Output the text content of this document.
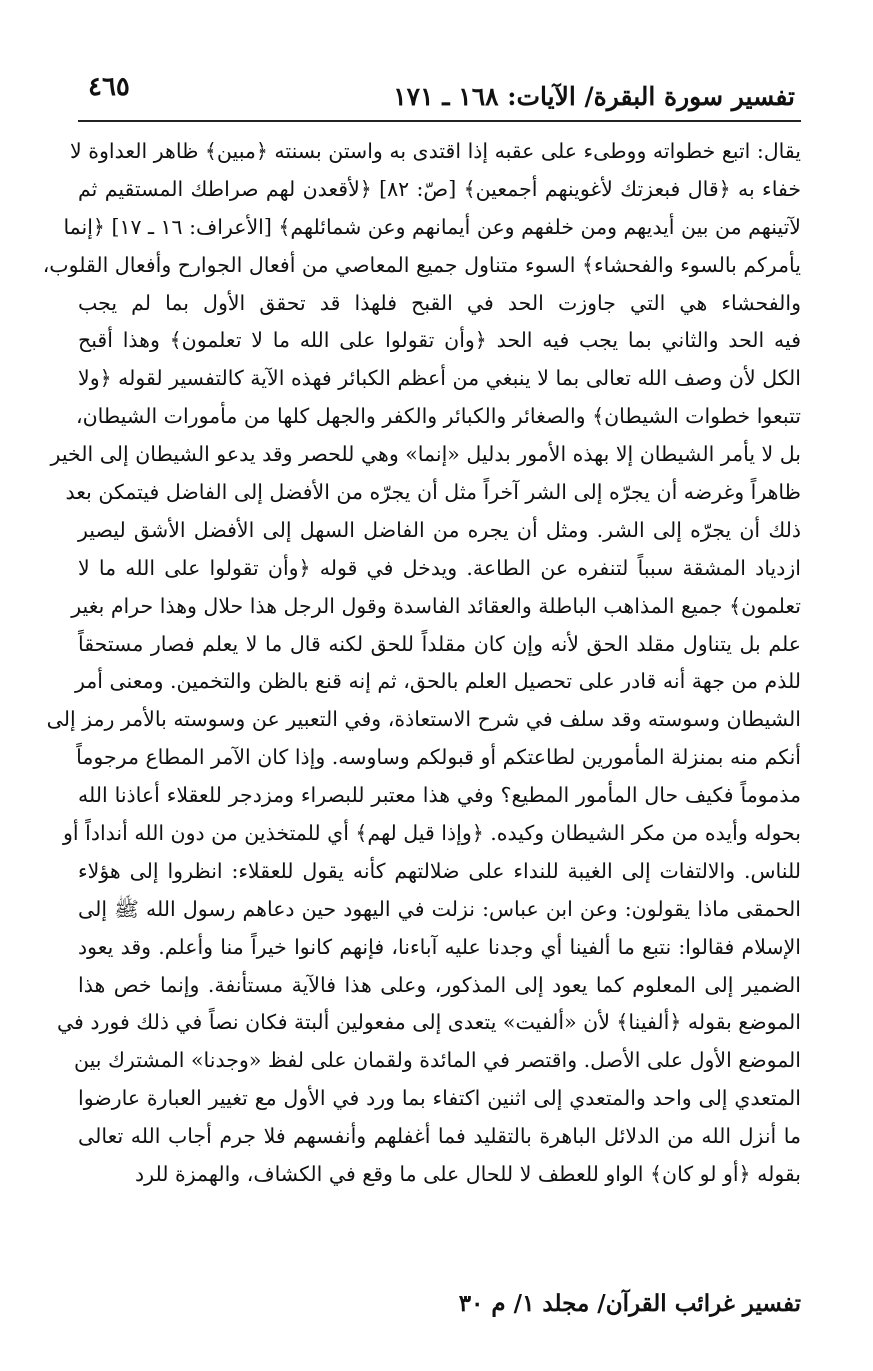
٤٦٥	تفسير سورة البقرة/ الآيات: ١٦٨ ـ ١٧١
يقال: اتبع خطواته ووطىء على عقبه إذا اقتدى به واستن بسنته ﴿مبين﴾ ظاهر العداوة لا
خفاء به ﴿قال فبعزتك لأغوينهم أجمعين﴾ [صّ: ٨٢] ﴿لأقعدن لهم صراطك المستقيم ثم
لآتينهم من بين أيديهم ومن خلفهم وعن أيمانهم وعن شمائلهم﴾ [الأعراف: ١٦ ـ ١٧] ﴿إنما
يأمركم بالسوء والفحشاء﴾ السوء متناول جميع المعاصي من أفعال الجوارح وأفعال القلوب،
والفحشاء هي التي جاوزت الحد في القبح فلهذا قد تحقق الأول بما لم يجب
فيه الحد والثاني بما يجب فيه الحد ﴿وأن تقولوا على الله ما لا تعلمون﴾ وهذا أقبح
الكل لأن وصف الله تعالى بما لا ينبغي من أعظم الكبائر فهذه الآية كالتفسير لقوله ﴿ولا
تتبعوا خطوات الشيطان﴾ والصغائر والكبائر والكفر والجهل كلها من مأمورات الشيطان،
بل لا يأمر الشيطان إلا بهذه الأمور بدليل «إنما» وهي للحصر وقد يدعو الشيطان إلى الخير
ظاهراً وغرضه أن يجرّه إلى الشر آخراً مثل أن يجرّه من الأفضل إلى الفاضل فيتمكن بعد
ذلك أن يجرّه إلى الشر. ومثل أن يجره من الفاضل السهل إلى الأفضل الأشق ليصير
ازدياد المشقة سبباً لتنفره عن الطاعة. ويدخل في قوله ﴿وأن تقولوا على الله ما لا
تعلمون﴾ جميع المذاهب الباطلة والعقائد الفاسدة وقول الرجل هذا حلال وهذا حرام بغير
علم بل يتناول مقلد الحق لأنه وإن كان مقلداً للحق لكنه قال ما لا يعلم فصار مستحقاً
للذم من جهة أنه قادر على تحصيل العلم بالحق، ثم إنه قنع بالظن والتخمين. ومعنى أمر
الشيطان وسوسته وقد سلف في شرح الاستعاذة، وفي التعبير عن وسوسته بالأمر رمز إلى
أنكم منه بمنزلة المأمورين لطاعتكم أو قبولكم وساوسه. وإذا كان الآمر المطاع مرجوماً
مذموماً فكيف حال المأمور المطيع؟ وفي هذا معتبر للبصراء ومزدجر للعقلاء أعاذنا الله
بحوله وأيده من مكر الشيطان وكيده. ﴿وإذا قيل لهم﴾ أي للمتخذين من دون الله أنداداً أو
للناس. والالتفات إلى الغيبة للنداء على ضلالتهم كأنه يقول للعقلاء: انظروا إلى هؤلاء
الحمقى ماذا يقولون: وعن ابن عباس: نزلت في اليهود حين دعاهم رسول الله ﷺ إلى
الإسلام فقالوا: نتبع ما ألفينا أي وجدنا عليه آباءنا، فإنهم كانوا خيراً منا وأعلم. وقد يعود
الضمير إلى المعلوم كما يعود إلى المذكور، وعلى هذا فالآية مستأنفة. وإنما خص هذا
الموضع بقوله ﴿ألفينا﴾ لأن «ألفيت» يتعدى إلى مفعولين ألبتة فكان نصاً في ذلك فورد في
الموضع الأول على الأصل. واقتصر في المائدة ولقمان على لفظ «وجدنا» المشترك بين
المتعدي إلى واحد والمتعدي إلى اثنين اكتفاء بما ورد في الأول مع تغيير العبارة عارضوا
ما أنزل الله من الدلائل الباهرة بالتقليد فما أغفلهم وأنفسهم فلا جرم أجاب الله تعالى
بقوله ﴿أو لو كان﴾ الواو للعطف لا للحال على ما وقع في الكشاف، والهمزة للرد
تفسير غرائب القرآن/ مجلد ١/ م ٣٠
